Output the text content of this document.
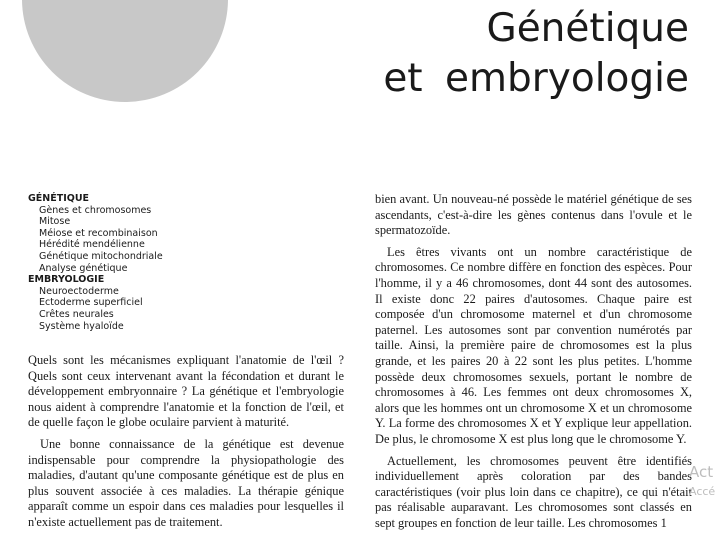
Génétique
et embryologie
GÉNÉTIQUE
Gènes et chromosomes
Mitose
Méiose et recombinaison
Hérédité mendélienne
Génétique mitochondriale
Analyse génétique
EMBRYOLOGIE
Neuroectoderme
Ectoderme superficiel
Crêtes neurales
Système hyaloïde

Quels sont les mécanismes expliquant l'anatomie de l'œil ? Quels sont ceux intervenant avant la fécondation et durant le développement embryonnaire ? La génétique et l'embryologie nous aident à comprendre l'anatomie et la fonction de l'œil, et de quelle façon le globe oculaire parvient à maturité.

Une bonne connaissance de la génétique est devenue indispensable pour comprendre la physiopathologie des maladies, d'autant qu'une composante génétique est de plus en plus souvent associée à ces maladies. La thérapie génique apparaît comme un espoir dans ces maladies pour lesquelles il n'existe actuellement pas de traitement.

bien avant. Un nouveau-né possède le matériel génétique de ses ascendants, c'est-à-dire les gènes contenus dans l'ovule et le spermatozoïde.

Les êtres vivants ont un nombre caractéristique de chromosomes. Ce nombre diffère en fonction des espèces. Pour l'homme, il y a 46 chromosomes, dont 44 sont des autosomes. Il existe donc 22 paires d'autosomes. Chaque paire est composée d'un chromosome maternel et d'un chromosome paternel. Les autosomes sont par convention numérotés par taille. Ainsi, la première paire de chromosomes est la plus grande, et les paires 20 à 22 sont les plus petites. L'homme possède deux chromosomes sexuels, portant le nombre de chromosomes à 46. Les femmes ont deux chromosomes X, alors que les hommes ont un chromosome X et un chromosome Y. La forme des chromosomes X et Y explique leur appellation. De plus, le chromosome X est plus long que le chromosome Y.

Actuellement, les chromosomes peuvent être identifiés individuellement après coloration par des bandes caractéristiques (voir plus loin dans ce chapitre), ce qui n'était pas réalisable auparavant. Les chromosomes sont classés en sept groupes en fonction de leur taille. Les chromosomes 1

Act
Accé
